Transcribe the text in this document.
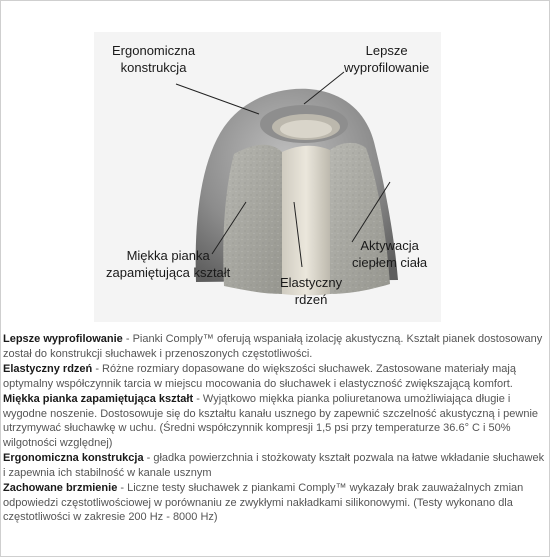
Ergonomiczna
konstrukcja
Lepsze
wyprofilowanie
Miękka pianka
zapamiętująca kształt
Elastyczny
rdzeń
Aktywacja
ciepłem ciała

Lepsze wyprofilowanie - Pianki Comply™ oferują wspaniałą izolację akustyczną. Kształt pianek dostosowany został do konstrukcji słuchawek i przenoszonych częstotliwości.

Elastyczny rdzeń - Różne rozmiary dopasowane do większości słuchawek. Zastosowane materiały mają optymalny współczynnik tarcia w miejscu mocowania do słuchawek i elastyczność zwiększającą komfort.

Miękka pianka zapamiętująca kształt - Wyjątkowo miękka pianka poliuretanowa umożliwiająca długie i wygodne noszenie. Dostosowuje się do kształtu kanału usznego by zapewnić szczelność akustyczną i pewnie utrzymywać słuchawkę w uchu. (Średni współczynnik kompresji 1,5 psi przy temperaturze 36.6° C i 50% wilgotności względnej)

Ergonomiczna konstrukcja - gładka powierzchnia i stożkowaty kształt pozwala na łatwe wkładanie słuchawek i zapewnia ich stabilność w kanale usznym

Zachowane brzmienie - Liczne testy słuchawek z piankami Comply™ wykazały brak zauważalnych zmian odpowiedzi częstotliwościowej w porównaniu ze zwykłymi nakładkami silikonowymi. (Testy wykonano dla częstotliwości w zakresie 200 Hz - 8000 Hz)
